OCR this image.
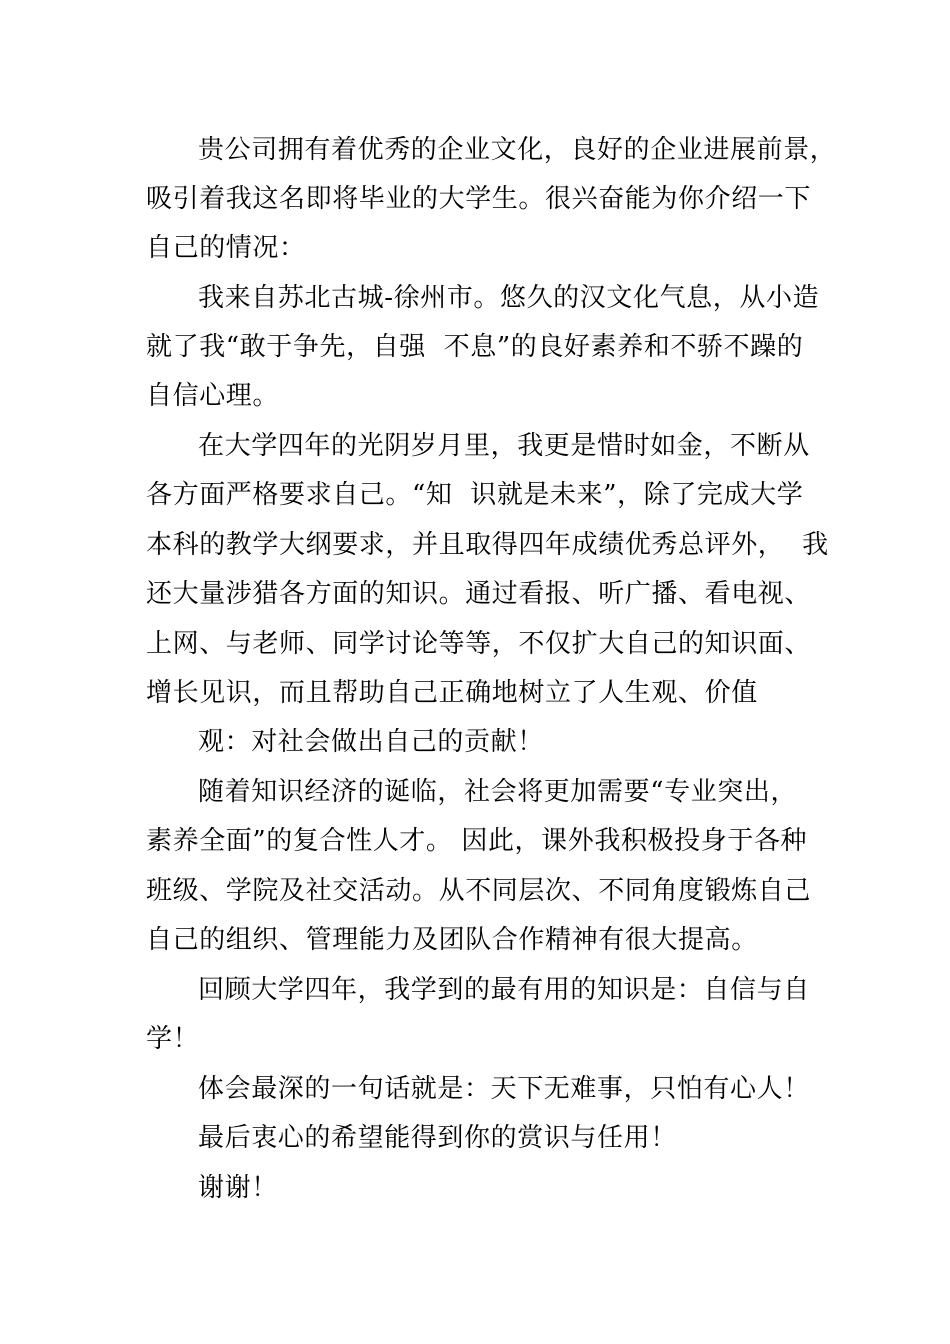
贵公司拥有着优秀的企业文化，良好的企业进展前景，
吸引着我这名即将毕业的大学生。很兴奋能为你介绍一下
自己的情况：
我来自苏北古城-徐州市。悠久的汉文化气息，从小造
就了我“敢于争先，自强  不息”的良好素养和不骄不躁的
自信心理。
在大学四年的光阴岁月里，我更是惜时如金，不断从
各方面严格要求自己。“知  识就是未来”，除了完成大学
本科的教学大纲要求，并且取得四年成绩优秀总评外，  我
还大量涉猎各方面的知识。通过看报、听广播、看电视、
上网、与老师、同学讨论等等，不仅扩大自己的知识面、
增长见识，而且帮助自己正确地树立了人生观、价值
观：对社会做出自己的贡献！
随着知识经济的诞临，社会将更加需要“专业突出，
素养全面”的复合性人才。 因此，课外我积极投身于各种
班级、学院及社交活动。从不同层次、不同角度锻炼自己
自己的组织、管理能力及团队合作精神有很大提高。
回顾大学四年，我学到的最有用的知识是：自信与自
学！
体会最深的一句话就是：天下无难事，只怕有心人！
最后衷心的希望能得到你的赏识与任用！
谢谢！
